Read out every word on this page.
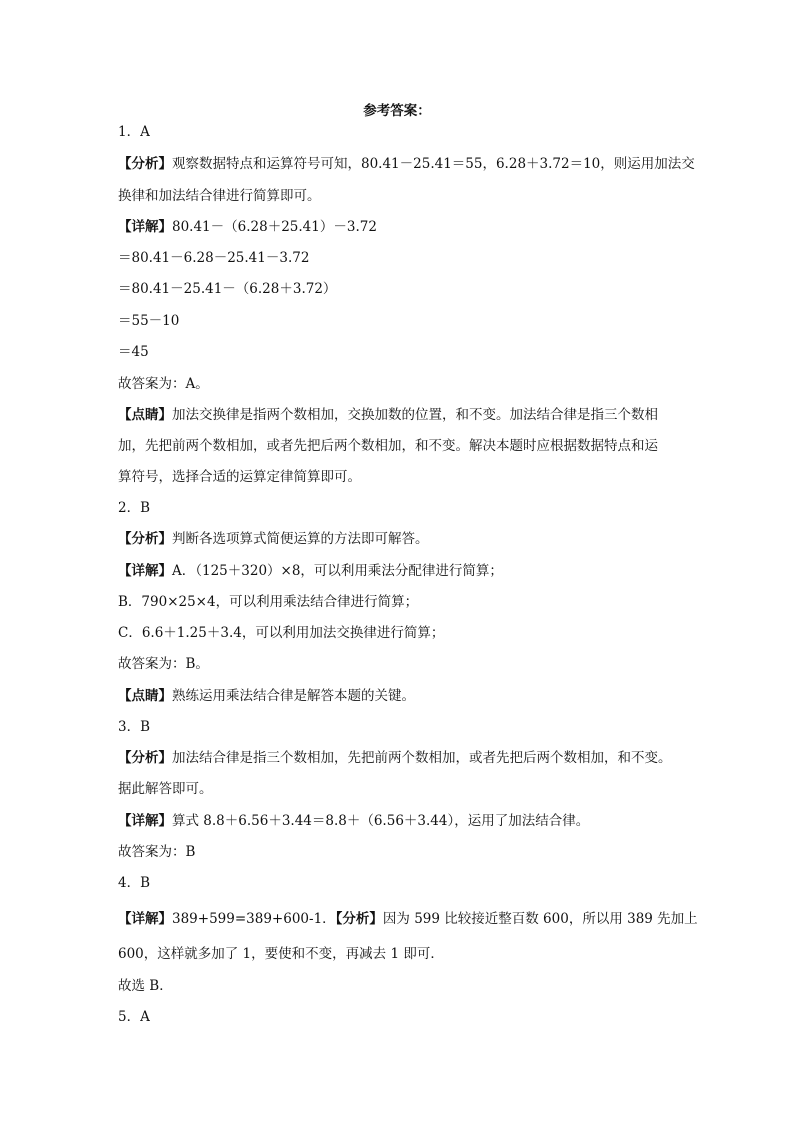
参考答案：
1．A
【分析】观察数据特点和运算符号可知，80.41－25.41＝55，6.28＋3.72＝10，则运用加法交
换律和加法结合律进行简算即可。
【详解】80.41－（6.28＋25.41）－3.72
＝80.41－6.28－25.41－3.72
＝80.41－25.41－（6.28＋3.72）
＝55－10
＝45
故答案为：A。
【点睛】加法交换律是指两个数相加，交换加数的位置，和不变。加法结合律是指三个数相
加，先把前两个数相加，或者先把后两个数相加，和不变。解决本题时应根据数据特点和运
算符号，选择合适的运算定律简算即可。
2．B
【分析】判断各选项算式简便运算的方法即可解答。
【详解】A．（125＋320）×8，可以利用乘法分配律进行简算；
B．790×25×4，可以利用乘法结合律进行简算；
C．6.6＋1.25＋3.4，可以利用加法交换律进行简算；
故答案为：B。
【点睛】熟练运用乘法结合律是解答本题的关键。
3．B
【分析】加法结合律是指三个数相加，先把前两个数相加，或者先把后两个数相加，和不变。
据此解答即可。
【详解】算式 8.8＋6.56＋3.44＝8.8＋（6.56＋3.44），运用了加法结合律。
故答案为：B
4．B
【详解】389+599=389+600-1．【分析】因为 599 比较接近整百数 600，所以用 389 先加上
600，这样就多加了 1，要使和不变，再减去 1 即可．
故选 B．
5．A
